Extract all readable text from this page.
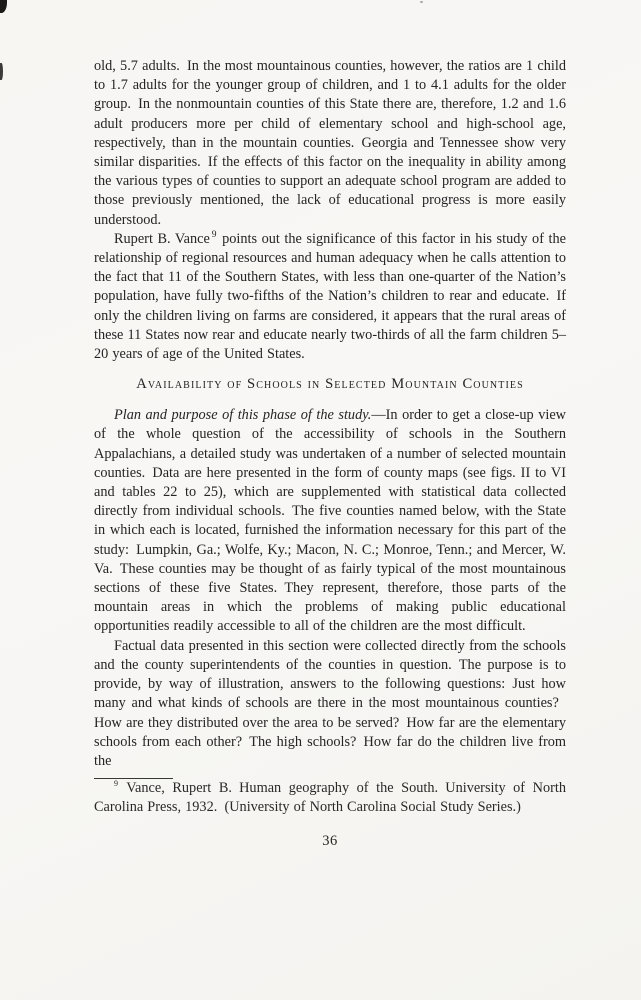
old, 5.7 adults. In the most mountainous counties, however, the ratios are 1 child to 1.7 adults for the younger group of children, and 1 to 4.1 adults for the older group. In the nonmountain counties of this State there are, therefore, 1.2 and 1.6 adult producers more per child of elementary school and high-school age, respectively, than in the mountain counties. Georgia and Tennessee show very similar disparities. If the effects of this factor on the inequality in ability among the various types of counties to support an adequate school program are added to those previously mentioned, the lack of educational progress is more easily understood.

Rupert B. Vance $^9$ points out the significance of this factor in his study of the relationship of regional resources and human adequacy when he calls attention to the fact that 11 of the Southern States, with less than one-quarter of the Nation’s population, have fully two-fifths of the Nation’s children to rear and educate. If only the children living on farms are considered, it appears that the rural areas of these 11 States now rear and educate nearly two-thirds of all the farm children 5–20 years of age of the United States.

Availability of Schools in Selected Mountain Counties

Plan and purpose of this phase of the study.—In order to get a close-up view of the whole question of the accessibility of schools in the Southern Appalachians, a detailed study was undertaken of a number of selected mountain counties. Data are here presented in the form of county maps (see figs. II to VI and tables 22 to 25), which are supplemented with statistical data collected directly from individual schools. The five counties named below, with the State in which each is located, furnished the information necessary for this part of the study: Lumpkin, Ga.; Wolfe, Ky.; Macon, N. C.; Monroe, Tenn.; and Mercer, W. Va. These counties may be thought of as fairly typical of the most mountainous sections of these five States. They represent, therefore, those parts of the mountain areas in which the problems of making public educational opportunities readily accessible to all of the children are the most difficult.

Factual data presented in this section were collected directly from the schools and the county superintendents of the counties in question. The purpose is to provide, by way of illustration, answers to the following questions: Just how many and what kinds of schools are there in the most mountainous counties? How are they distributed over the area to be served? How far are the elementary schools from each other? The high schools? How far do the children live from the

$^9$ Vance, Rupert B. Human geography of the South. University of North Carolina Press, 1932. (University of North Carolina Social Study Series.)

36
